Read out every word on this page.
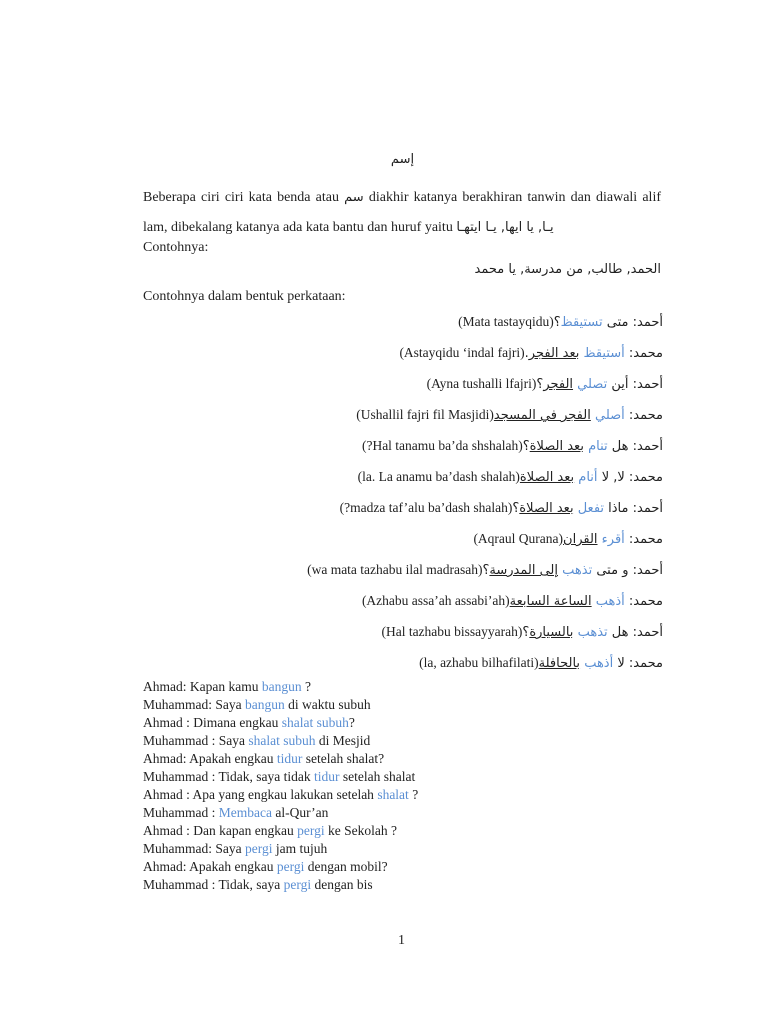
إسم
Beberapa ciri ciri kata benda atau سم diakhir katanya berakhiran tanwin dan diawali alif lam, dibekalang katanya ada kata bantu dan huruf yaitu يـا, يا ايها, يـا ايتهـا
Contohnya:
الحمد, طالب, من مدرسة, يا محمد
Contohnya dalam bentuk perkataan:
(Mata tastayqidu)	أحمد: متى تستيقظ؟
(Astayqidu ‘indal fajri)	محمد: أستيقظ بعد الفجر.
(Ayna tushalli lfajri)	أحمد: أين تصلي الفجر؟
(Ushallil fajri fil Masjidi)	محمد: أصلي الفجر في المسجد
(?Hal tanamu ba’da shshalah)	أحمد: هل تنام بعد الصلاة؟
(la. La anamu ba’dash shalah)	محمد: لا, لا أنام بعد الصلاة
(?madza taf’alu ba’dash shalah)	أحمد: ماذا تفعل بعد الصلاة؟
(Aqraul Qurana)	محمد: أقرء القران
(wa mata tazhabu ilal madrasah)	أحمد: و متى تذهب إلى المدرسة؟
(Azhabu assa’ah assabi’ah)	محمد: أذهب الساعة السابعة
(Hal tazhabu bissayyarah)	أحمد: هل تذهب بالسيارة؟
(la, azhabu bilhafilati)	محمد: لا أذهب بالحافلة
Ahmad: Kapan kamu bangun ?
Muhammad: Saya bangun di waktu subuh
Ahmad : Dimana engkau shalat subuh?
Muhammad : Saya shalat subuh di Mesjid
Ahmad: Apakah engkau tidur setelah shalat?
Muhammad : Tidak, saya tidak tidur setelah shalat
Ahmad : Apa yang engkau lakukan setelah shalat ?
Muhammad : Membaca al-Qur’an
Ahmad : Dan kapan engkau pergi ke Sekolah ?
Muhammad: Saya pergi jam tujuh
Ahmad: Apakah engkau pergi dengan mobil?
Muhammad : Tidak, saya pergi dengan bis
1
